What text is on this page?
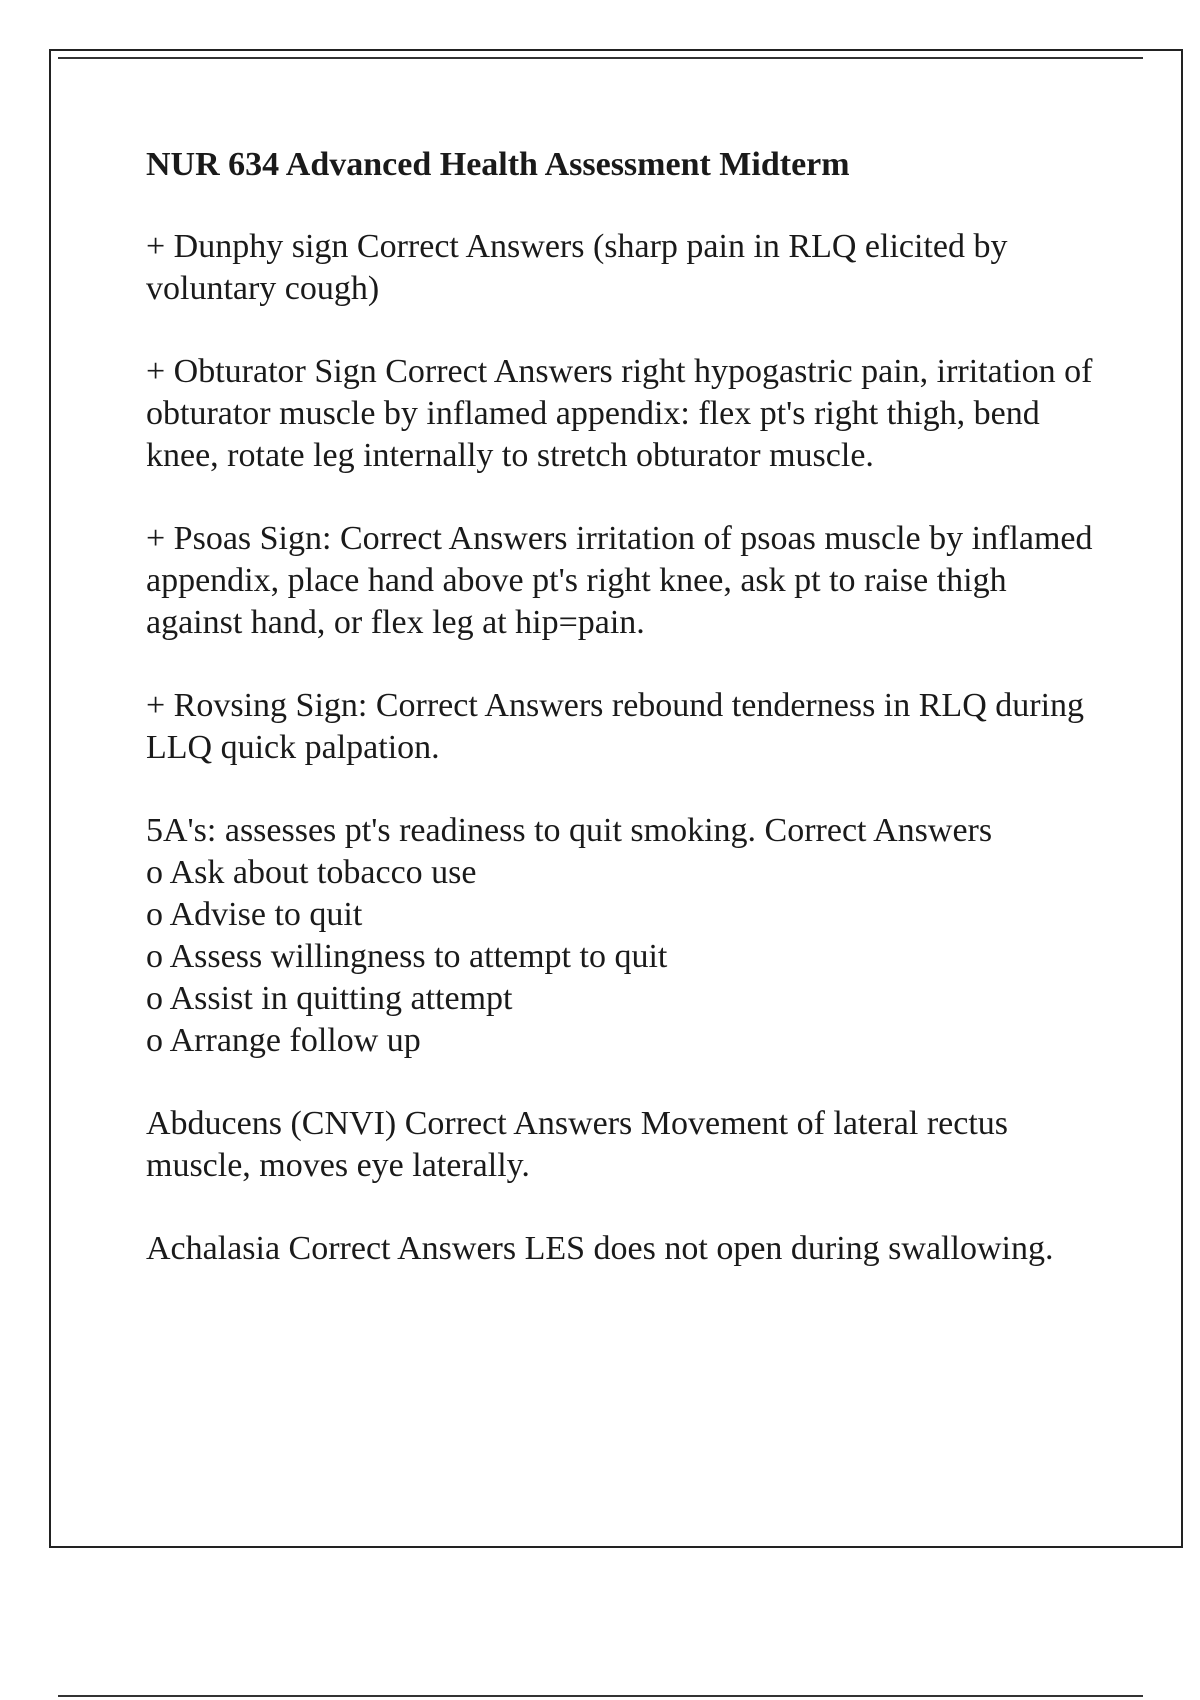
NUR 634 Advanced Health Assessment Midterm

+ Dunphy sign Correct Answers (sharp pain in RLQ elicited by voluntary cough)

+ Obturator Sign Correct Answers right hypogastric pain, irritation of obturator muscle by inflamed appendix: flex pt's right thigh, bend knee, rotate leg internally to stretch obturator muscle.

+ Psoas Sign: Correct Answers irritation of psoas muscle by inflamed appendix, place hand above pt's right knee, ask pt to raise thigh against hand, or flex leg at hip=pain.

+ Rovsing Sign: Correct Answers rebound tenderness in RLQ during LLQ quick palpation.

5A's: assesses pt's readiness to quit smoking. Correct Answers

o Ask about tobacco use
o Advise to quit
o Assess willingness to attempt to quit
o Assist in quitting attempt
o Arrange follow up

Abducens (CNVI) Correct Answers Movement of lateral rectus muscle, moves eye laterally.

Achalasia Correct Answers LES does not open during swallowing.
